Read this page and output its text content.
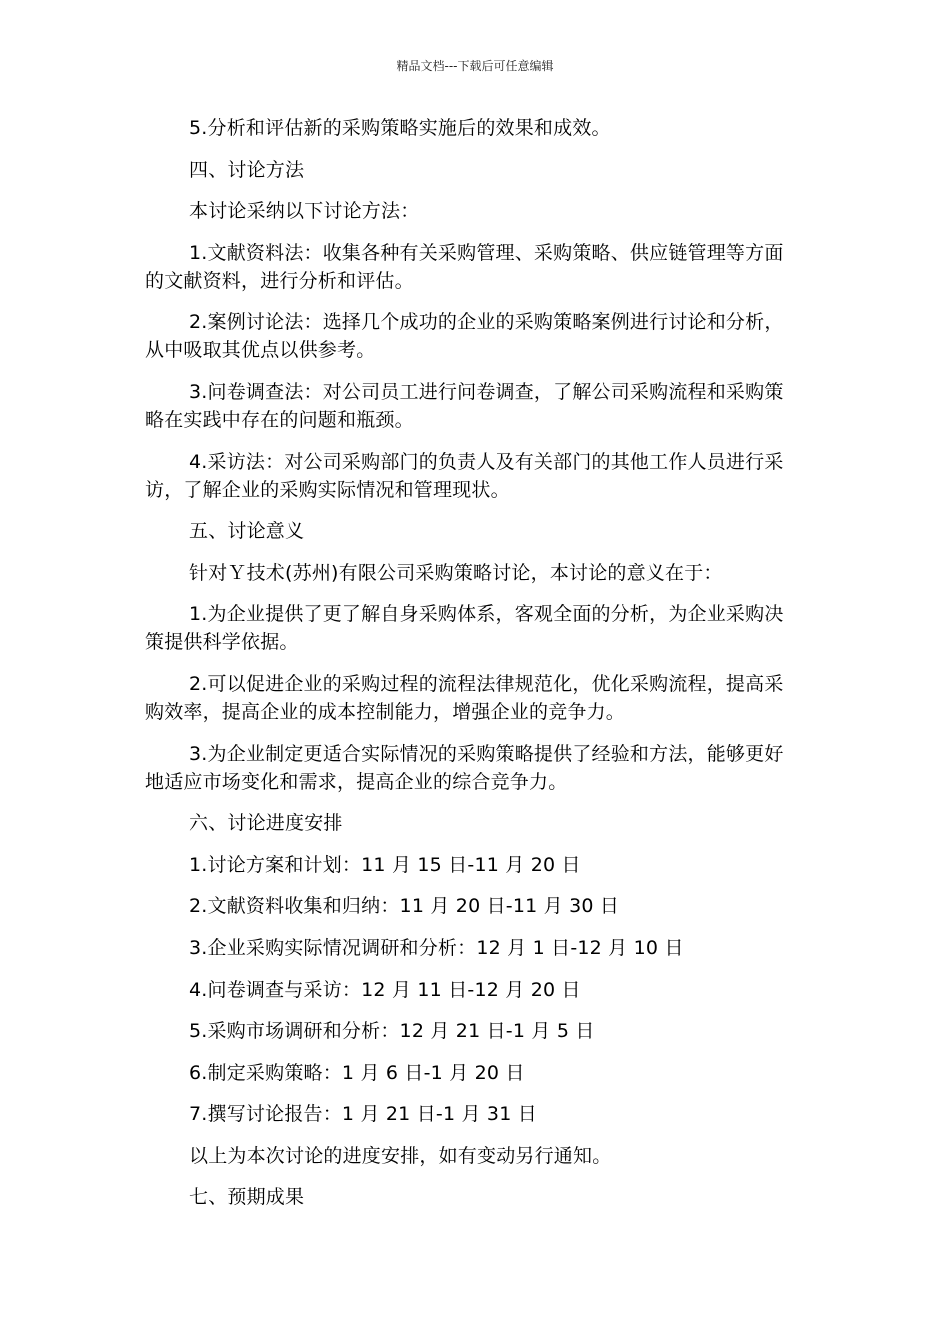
精品文档---下载后可任意编辑

5.分析和评估新的采购策略实施后的效果和成效。

四、讨论方法

本讨论采纳以下讨论方法：

1.文献资料法：收集各种有关采购管理、采购策略、供应链管理等方面的文献资料，进行分析和评估。

2.案例讨论法：选择几个成功的企业的采购策略案例进行讨论和分析，从中吸取其优点以供参考。

3.问卷调查法：对公司员工进行问卷调查，了解公司采购流程和采购策略在实践中存在的问题和瓶颈。

4.采访法：对公司采购部门的负责人及有关部门的其他工作人员进行采访，了解企业的采购实际情况和管理现状。

五、讨论意义

针对Ｙ技术(苏州)有限公司采购策略讨论，本讨论的意义在于：

1.为企业提供了更了解自身采购体系，客观全面的分析，为企业采购决策提供科学依据。

2.可以促进企业的采购过程的流程法律规范化，优化采购流程，提高采购效率，提高企业的成本控制能力，增强企业的竞争力。

3.为企业制定更适合实际情况的采购策略提供了经验和方法，能够更好地适应市场变化和需求，提高企业的综合竞争力。

六、讨论进度安排

1.讨论方案和计划：11 月 15 日-11 月 20 日

2.文献资料收集和归纳：11 月 20 日-11 月 30 日

3.企业采购实际情况调研和分析：12 月 1 日-12 月 10 日

4.问卷调查与采访：12 月 11 日-12 月 20 日

5.采购市场调研和分析：12 月 21 日-1 月 5 日

6.制定采购策略：1 月 6 日-1 月 20 日

7.撰写讨论报告：1 月 21 日-1 月 31 日

以上为本次讨论的进度安排，如有变动另行通知。

七、预期成果
